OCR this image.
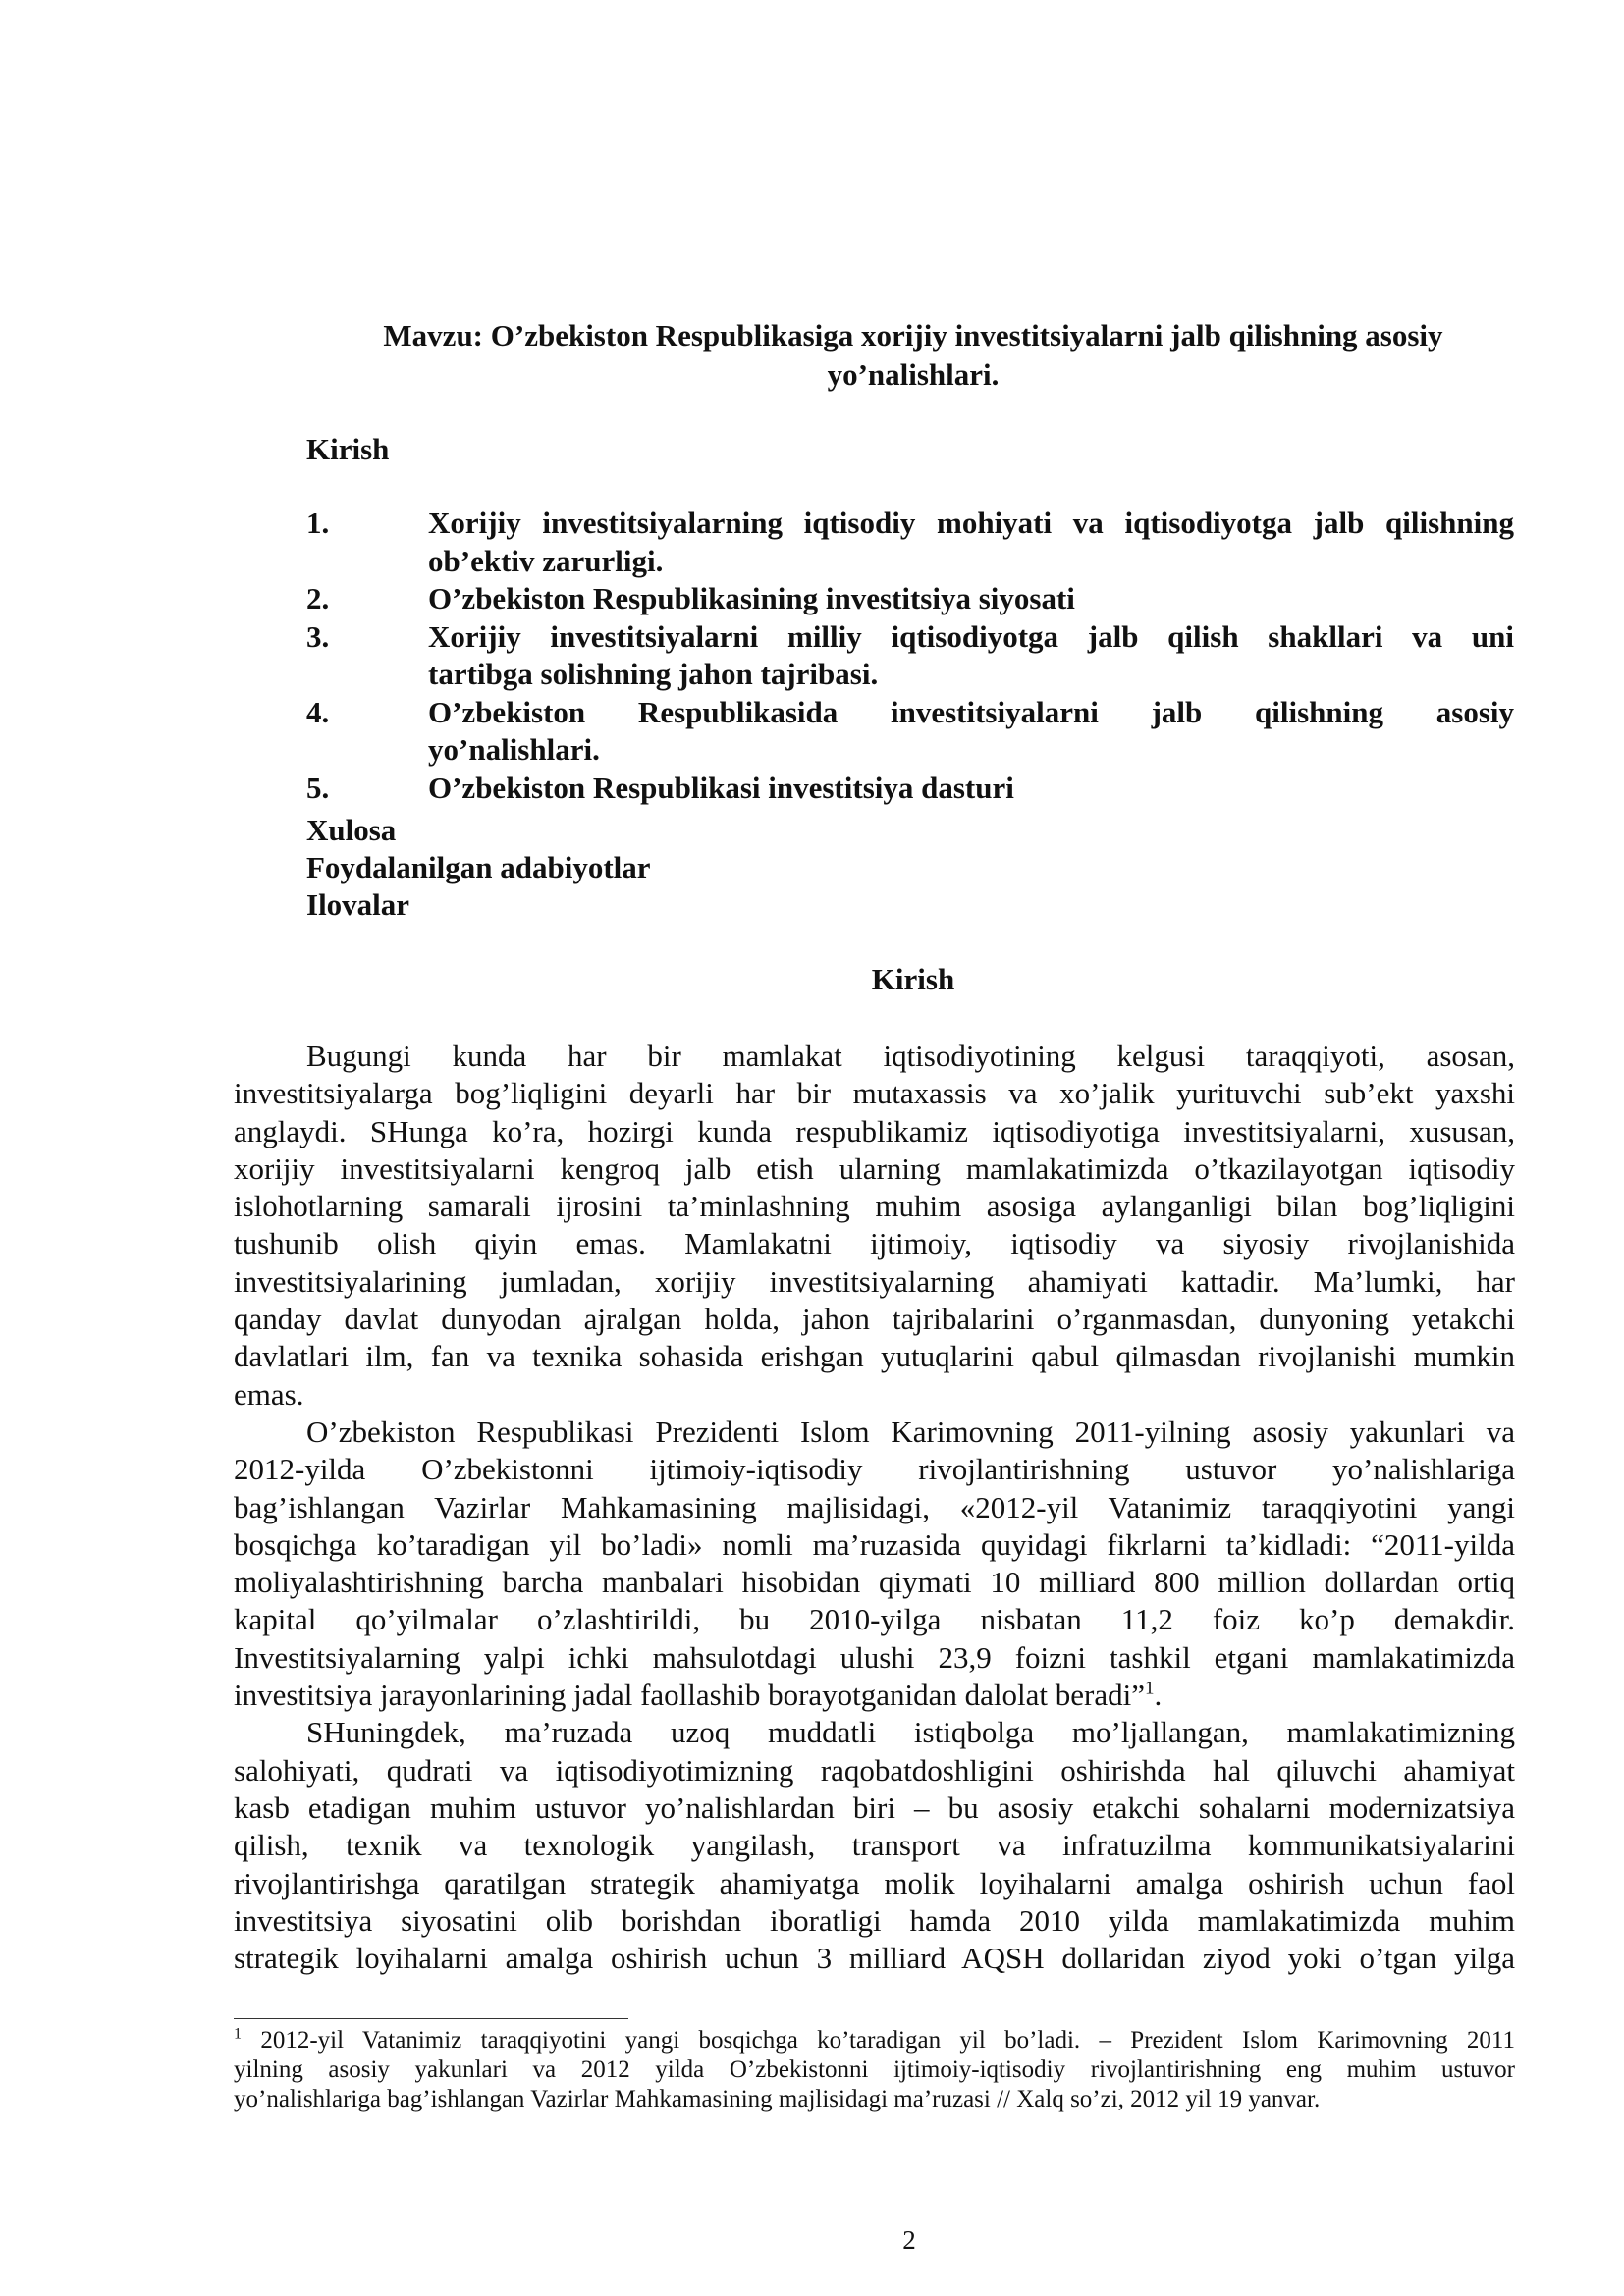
Mavzu: O’zbekiston Respublikasiga xorijiy investitsiyalarni jalb qilishning asosiy
yo’nalishlari.
Kirish
1.	Xorijiy investitsiyalarning iqtisodiy mohiyati va iqtisodiyotga jalb qilishning
ob’ektiv zarurligi.
2.	O’zbekiston Respublikasining investitsiya siyosati
3.	Xorijiy investitsiyalarni milliy iqtisodiyotga jalb qilish shakllari va uni
tartibga solishning jahon tajribasi.
4.	O’zbekiston Respublikasida investitsiyalarni jalb qilishning asosiy
yo’nalishlari.
5.	O’zbekiston Respublikasi investitsiya dasturi
Xulosa
Foydalanilgan adabiyotlar
Ilovalar
Kirish
Bugungi kunda har bir mamlakat iqtisodiyotining kelgusi taraqqiyoti, asosan,
investitsiyalarga bog’liqligini deyarli har bir mutaxassis va xo’jalik yurituvchi sub’ekt yaxshi
anglaydi. SHunga ko’ra, hozirgi kunda respublikamiz iqtisodiyotiga investitsiyalarni, xususan,
xorijiy investitsiyalarni kengroq jalb etish ularning mamlakatimizda o’tkazilayotgan iqtisodiy
islohotlarning samarali ijrosini ta’minlashning muhim asosiga aylanganligi bilan bog’liqligini
tushunib olish qiyin emas. Mamlakatni ijtimoiy, iqtisodiy va siyosiy rivojlanishida
investitsiyalarining jumladan, xorijiy investitsiyalarning ahamiyati kattadir. Ma’lumki, har
qanday davlat dunyodan ajralgan holda, jahon tajribalarini o’rganmasdan, dunyoning yetakchi
davlatlari ilm, fan va texnika sohasida erishgan yutuqlarini qabul qilmasdan rivojlanishi mumkin
emas.
O’zbekiston Respublikasi Prezidenti Islom Karimovning 2011-yilning asosiy yakunlari va
2012-yilda O’zbekistonni ijtimoiy-iqtisodiy rivojlantirishning ustuvor yo’nalishlariga
bag’ishlangan Vazirlar Mahkamasining majlisidagi, «2012-yil Vatanimiz taraqqiyotini yangi
bosqichga ko’taradigan yil bo’ladi» nomli ma’ruzasida quyidagi fikrlarni ta’kidladi: “2011-yilda
moliyalashtirishning barcha manbalari hisobidan qiymati 10 milliard 800 million dollardan ortiq
kapital qo’yilmalar o’zlashtirildi, bu 2010-yilga nisbatan 11,2 foiz ko’p demakdir.
Investitsiyalarning yalpi ichki mahsulotdagi ulushi 23,9 foizni tashkil etgani mamlakatimizda
investitsiya jarayonlarining jadal faollashib borayotganidan dalolat beradi”$^1$.
SHuningdek, ma’ruzada uzoq muddatli istiqbolga mo’ljallangan, mamlakatimizning
salohiyati, qudrati va iqtisodiyotimizning raqobatdoshligini oshirishda hal qiluvchi ahamiyat
kasb etadigan muhim ustuvor yo’nalishlardan biri – bu asosiy etakchi sohalarni modernizatsiya
qilish, texnik va texnologik yangilash, transport va infratuzilma kommunikatsiyalarini
rivojlantirishga qaratilgan strategik ahamiyatga molik loyihalarni amalga oshirish uchun faol
investitsiya siyosatini olib borishdan iboratligi hamda 2010 yilda mamlakatimizda muhim
strategik loyihalarni amalga oshirish uchun 3 milliard AQSH dollaridan ziyod yoki o’tgan yilga
$^1$ 2012-yil Vatanimiz taraqqiyotini yangi bosqichga ko’taradigan yil bo’ladi. – Prezident Islom Karimovning 2011
yilning asosiy yakunlari va 2012 yilda O’zbekistonni ijtimoiy-iqtisodiy rivojlantirishning eng muhim ustuvor
yo’nalishlariga bag’ishlangan Vazirlar Mahkamasining majlisidagi ma’ruzasi // Xalq so’zi, 2012 yil 19 yanvar.
2
